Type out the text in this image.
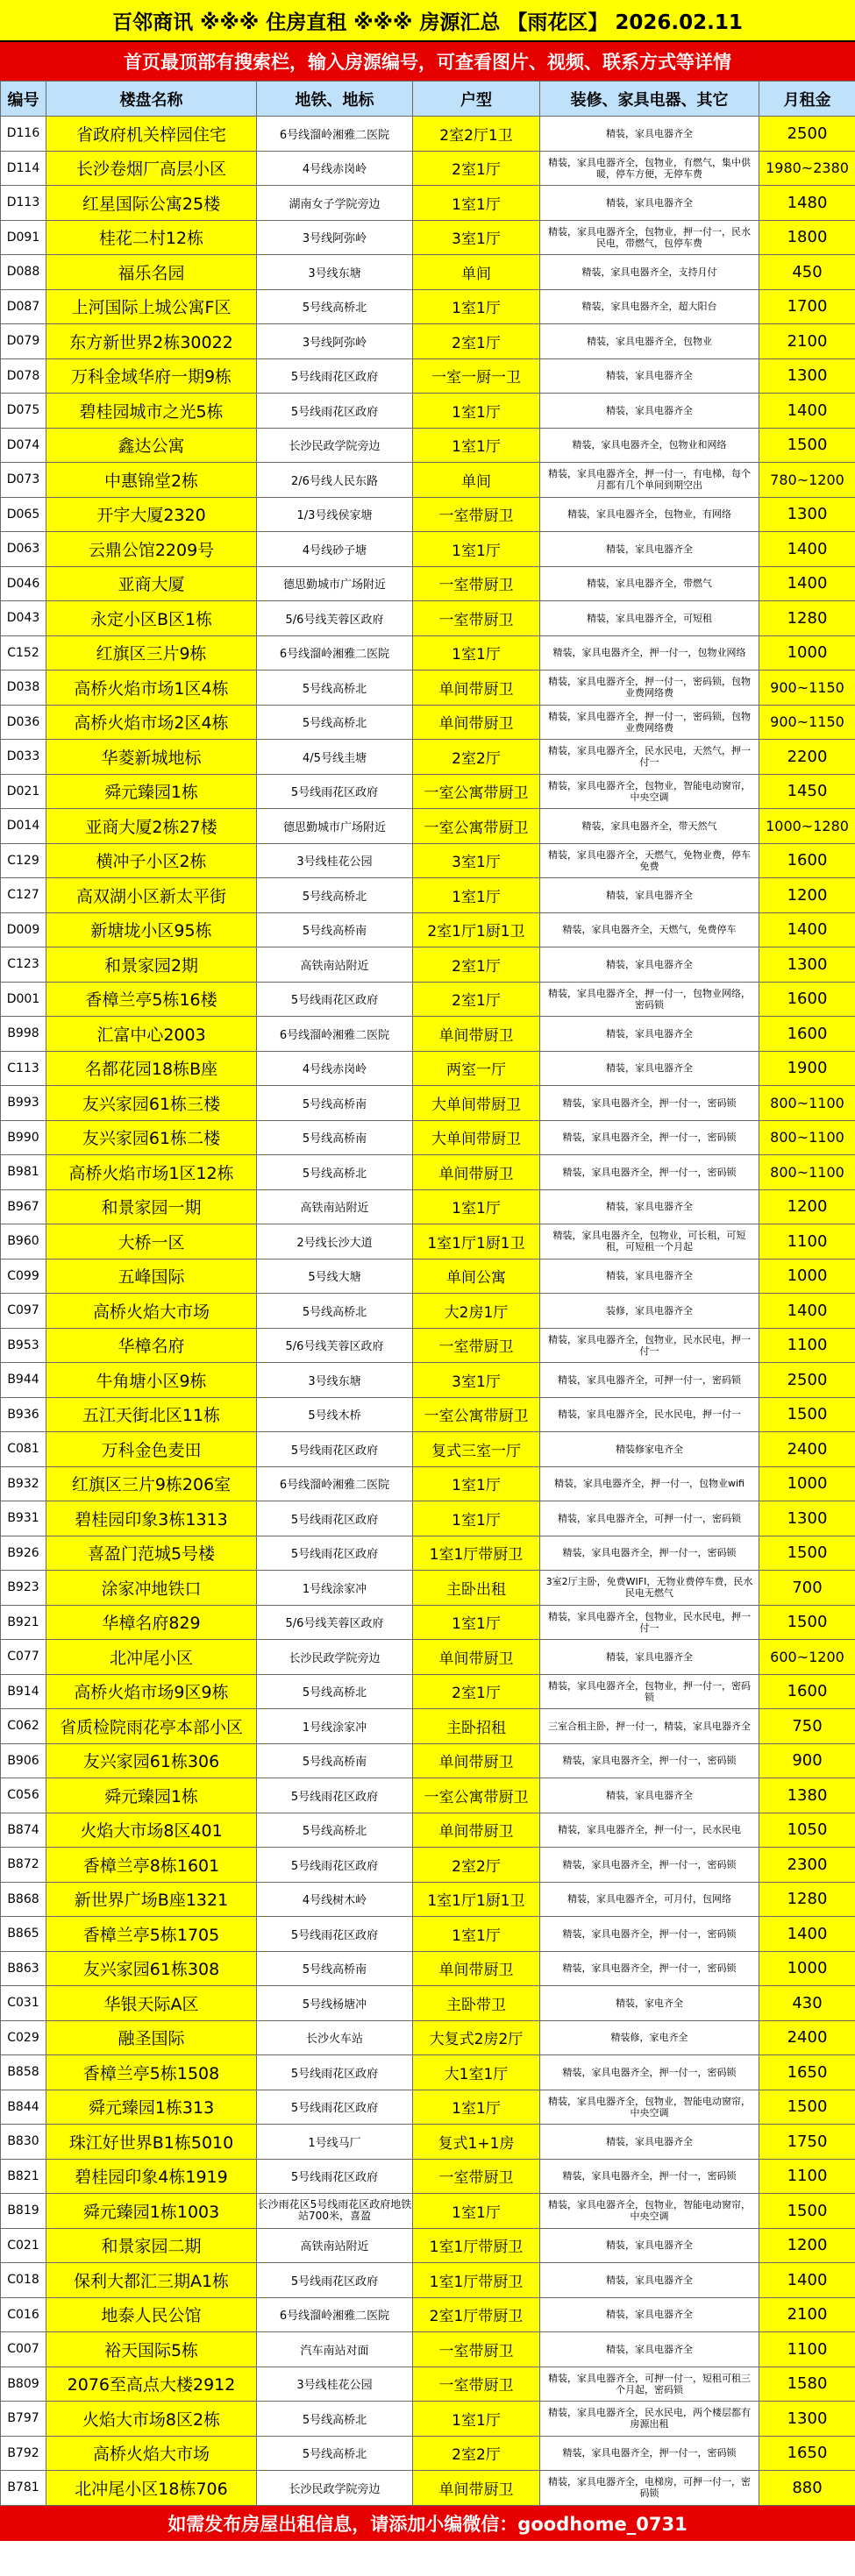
百邻商讯 ※※※ 住房直租 ※※※ 房源汇总 【雨花区】 2026.02.11
首页最顶部有搜索栏，输入房源编号，可查看图片、视频、联系方式等详情
编号	楼盘名称	地铁、地标	户型	装修、家具电器、其它	月租金
D116	省政府机关梓园住宅	6号线溜岭湘雅二医院	2室2厅1卫	精装，家具电器齐全	2500
D114	长沙卷烟厂高层小区	4号线赤岗岭	2室1厅	精装，家具电器齐全，包物业，有燃气，集中供暖，停车方便，无停车费	1980~2380
D113	红星国际公寓25楼	湖南女子学院旁边	1室1厅	精装，家具电器齐全	1480
D091	桂花二村12栋	3号线阿弥岭	3室1厅	精装，家具电器齐全，包物业，押一付一，民水民电，带燃气，包停车费	1800
D088	福乐名园	3号线东塘	单间	精装，家具电器齐全，支持月付	450
D087	上河国际上城公寓F区	5号线高桥北	1室1厅	精装，家具电器齐全，超大阳台	1700
D079	东方新世界2栋30022	3号线阿弥岭	2室1厅	精装，家具电器齐全，包物业	2100
D078	万科金域华府一期9栋	5号线雨花区政府	一室一厨一卫	精装，家具电器齐全	1300
D075	碧桂园城市之光5栋	5号线雨花区政府	1室1厅	精装，家具电器齐全	1400
D074	鑫达公寓	长沙民政学院旁边	1室1厅	精装，家具电器齐全，包物业和网络	1500
D073	中惠锦堂2栋	2/6号线人民东路	单间	精装，家具电器齐全，押一付一，有电梯，每个月都有几个单间到期空出	780~1200
D065	开宇大厦2320	1/3号线侯家塘	一室带厨卫	精装，家具电器齐全，包物业，有网络	1300
D063	云鼎公馆2209号	4号线砂子塘	1室1厅	精装，家具电器齐全	1400
D046	亚商大厦	德思勤城市广场附近	一室带厨卫	精装，家具电器齐全，带燃气	1400
D043	永定小区B区1栋	5/6号线芙蓉区政府	一室带厨卫	精装，家具电器齐全，可短租	1280
C152	红旗区三片9栋	6号线溜岭湘雅二医院	1室1厅	精装，家具电器齐全，押一付一，包物业网络	1000
D038	高桥火焰市场1区4栋	5号线高桥北	单间带厨卫	精装，家具电器齐全，押一付一，密码锁，包物业费网络费	900~1150
D036	高桥火焰市场2区4栋	5号线高桥北	单间带厨卫	精装，家具电器齐全，押一付一，密码锁，包物业费网络费	900~1150
D033	华菱新城地标	4/5号线圭塘	2室2厅	精装，家具电器齐全，民水民电，天然气，押一付一	2200
D021	舜元臻园1栋	5号线雨花区政府	一室公寓带厨卫	精装，家具电器齐全，包物业，智能电动窗帘，中央空调	1450
D014	亚商大厦2栋27楼	德思勤城市广场附近	一室公寓带厨卫	精装，家具电器齐全，带天然气	1000~1280
C129	横冲子小区2栋	3号线桂花公园	3室1厅	精装，家具电器齐全，天燃气，免物业费，停车免费	1600
C127	高双湖小区新太平街	5号线高桥北	1室1厅	精装，家具电器齐全	1200
D009	新塘垅小区95栋	5号线高桥南	2室1厅1厨1卫	精装，家具电器齐全，天燃气，免费停车	1400
C123	和景家园2期	高铁南站附近	2室1厅	精装，家具电器齐全	1300
D001	香樟兰亭5栋16楼	5号线雨花区政府	2室1厅	精装，家具电器齐全，押一付一，包物业网络，密码锁	1600
B998	汇富中心2003	6号线溜岭湘雅二医院	单间带厨卫	精装，家具电器齐全	1600
C113	名都花园18栋B座	4号线赤岗岭	两室一厅	精装，家具电器齐全	1900
B993	友兴家园61栋三楼	5号线高桥南	大单间带厨卫	精装，家具电器齐全，押一付一，密码锁	800~1100
B990	友兴家园61栋二楼	5号线高桥南	大单间带厨卫	精装，家具电器齐全，押一付一，密码锁	800~1100
B981	高桥火焰市场1区12栋	5号线高桥北	单间带厨卫	精装，家具电器齐全，押一付一，密码锁	800~1100
B967	和景家园一期	高铁南站附近	1室1厅	精装，家具电器齐全	1200
B960	大桥一区	2号线长沙大道	1室1厅1厨1卫	精装，家具电器齐全，包物业，可长租，可短租，可短租一个月起	1100
C099	五峰国际	5号线大塘	单间公寓	精装，家具电器齐全	1000
C097	高桥火焰大市场	5号线高桥北	大2房1厅	装修，家具电器齐全	1400
B953	华樟名府	5/6号线芙蓉区政府	一室带厨卫	精装，家具电器齐全，包物业，民水民电，押一付一	1100
B944	牛角塘小区9栋	3号线东塘	3室1厅	精装，家具电器齐全，可押一付一，密码锁	2500
B936	五江天街北区11栋	5号线木桥	一室公寓带厨卫	精装，家具电器齐全，民水民电，押一付一	1500
C081	万科金色麦田	5号线雨花区政府	复式三室一厅	精装修家电齐全	2400
B932	红旗区三片9栋206室	6号线溜岭湘雅二医院	1室1厅	精装，家具电器齐全，押一付一，包物业wifi	1000
B931	碧桂园印象3栋1313	5号线雨花区政府	1室1厅	精装，家具电器齐全，可押一付一，密码锁	1300
B926	喜盈门范城5号楼	5号线雨花区政府	1室1厅带厨卫	精装，家具电器齐全，押一付一，密码锁	1500
B923	涂家冲地铁口	1号线涂家冲	主卧出租	3室2厅主卧，免费WIFI，无物业费停车费，民水民电无燃气	700
B921	华樟名府829	5/6号线芙蓉区政府	1室1厅	精装，家具电器齐全，包物业，民水民电，押一付一	1500
C077	北冲尾小区	长沙民政学院旁边	单间带厨卫	精装，家具电器齐全	600~1200
B914	高桥火焰市场9区9栋	5号线高桥北	2室1厅	精装，家具电器齐全，包物业，押一付一，密码锁	1600
C062	省质检院雨花亭本部小区	1号线涂家冲	主卧招租	三室合租主卧，押一付一，精装，家具电器齐全	750
B906	友兴家园61栋306	5号线高桥南	单间带厨卫	精装，家具电器齐全，押一付一，密码锁	900
C056	舜元臻园1栋	5号线雨花区政府	一室公寓带厨卫	精装，家具电器齐全	1380
B874	火焰大市场8区401	5号线高桥北	单间带厨卫	精装，家具电器齐全，押一付一，民水民电	1050
B872	香樟兰亭8栋1601	5号线雨花区政府	2室2厅	精装，家具电器齐全，押一付一，密码锁	2300
B868	新世界广场B座1321	4号线树木岭	1室1厅1厨1卫	精装，家具电器齐全，可月付，包网络	1280
B865	香樟兰亭5栋1705	5号线雨花区政府	1室1厅	精装，家具电器齐全，押一付一，密码锁	1400
B863	友兴家园61栋308	5号线高桥南	单间带厨卫	精装，家具电器齐全，押一付一，密码锁	1000
C031	华银天际A区	5号线杨塘冲	主卧带卫	精装，家电齐全	430
C029	融圣国际	长沙火车站	大复式2房2厅	精装修，家电齐全	2400
B858	香樟兰亭5栋1508	5号线雨花区政府	大1室1厅	精装，家具电器齐全，押一付一，密码锁	1650
B844	舜元臻园1栋313	5号线雨花区政府	1室1厅	精装，家具电器齐全，包物业，智能电动窗帘，中央空调	1500
B830	珠江好世界B1栋5010	1号线马厂	复式1+1房	精装，家具电器齐全	1750
B821	碧桂园印象4栋1919	5号线雨花区政府	一室带厨卫	精装，家具电器齐全，押一付一，密码锁	1100
B819	舜元臻园1栋1003	长沙雨花区5号线雨花区政府地铁站700米，喜盈	1室1厅	精装，家具电器齐全，包物业，智能电动窗帘，中央空调	1500
C021	和景家园二期	高铁南站附近	1室1厅带厨卫	精装，家具电器齐全	1200
C018	保利大都汇三期A1栋	5号线雨花区政府	1室1厅带厨卫	精装，家具电器齐全	1400
C016	地泰人民公馆	6号线溜岭湘雅二医院	2室1厅带厨卫	精装，家具电器齐全	2100
C007	裕天国际5栋	汽车南站对面	一室带厨卫	精装，家具电器齐全	1100
B809	2076至高点大楼2912	3号线桂花公园	一室带厨卫	精装，家具电器齐全，可押一付一，短租可租三个月起，密码锁	1580
B797	火焰大市场8区2栋	5号线高桥北	1室1厅	精装，家具电器齐全，民水民电，两个楼层都有房源出租	1300
B792	高桥火焰大市场	5号线高桥北	2室2厅	精装，家具电器齐全，押一付一，密码锁	1650
B781	北冲尾小区18栋706	长沙民政学院旁边	单间带厨卫	精装，家具电器齐全，电梯房，可押一付一，密码锁	880
如需发布房屋出租信息，请添加小编微信：goodhome_0731
